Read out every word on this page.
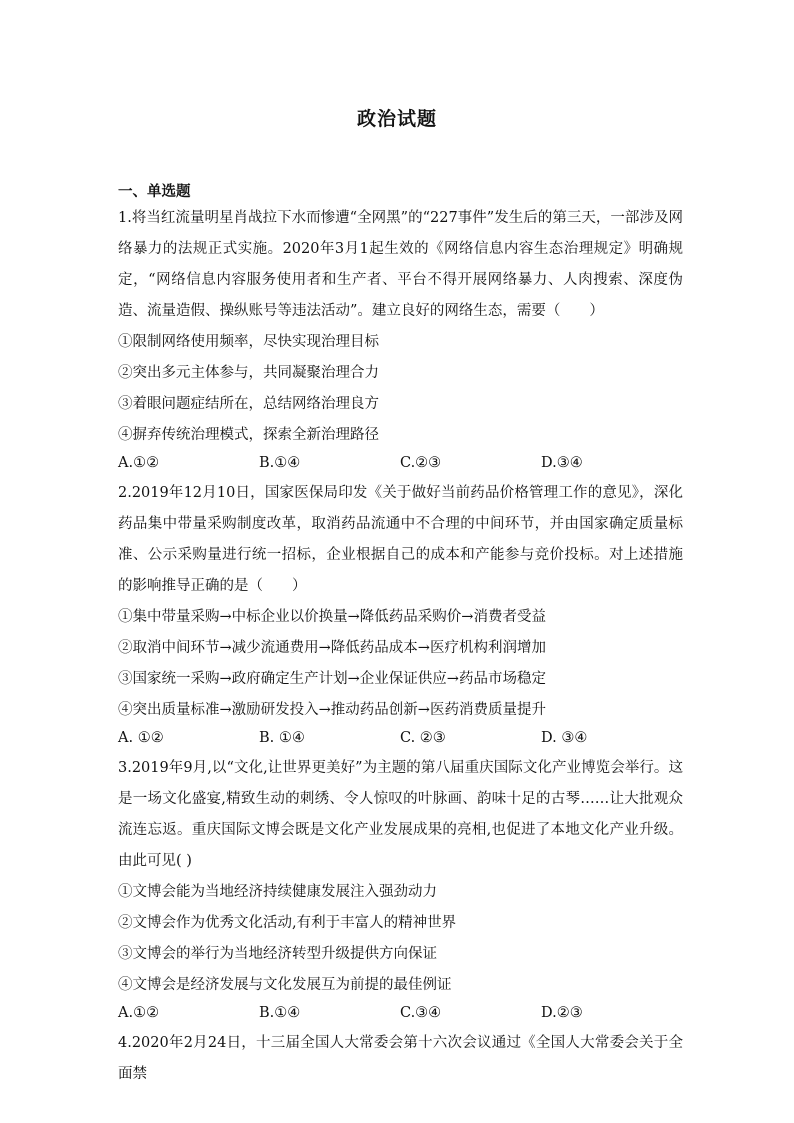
政治试题
一、单选题
1.将当红流量明星肖战拉下水而惨遭“全网黑”的“227事件”发生后的第三天，一部涉及网络暴力的法规正式实施。2020年3月1起生效的《网络信息内容生态治理规定》明确规定，“网络信息内容服务使用者和生产者、平台不得开展网络暴力、人肉搜索、深度伪造、流量造假、操纵账号等违法活动”。建立良好的网络生态，需要（　　）
①限制网络使用频率，尽快实现治理目标
②突出多元主体参与，共同凝聚治理合力
③着眼问题症结所在，总结网络治理良方
④摒弃传统治理模式，探索全新治理路径
A.①②	B.①④	C.②③	D.③④
2.2019年12月10日，国家医保局印发《关于做好当前药品价格管理工作的意见》，深化药品集中带量采购制度改革，取消药品流通中不合理的中间环节，并由国家确定质量标准、公示采购量进行统一招标，企业根据自己的成本和产能参与竞价投标。对上述措施的影响推导正确的是（　　）
①集中带量采购→中标企业以价换量→降低药品采购价→消费者受益
②取消中间环节→减少流通费用→降低药品成本→医疗机构利润增加
③国家统一采购→政府确定生产计划→企业保证供应→药品市场稳定
④突出质量标准→激励研发投入→推动药品创新→医药消费质量提升
A. ①②	B. ①④	C. ②③	D. ③④
3.2019年9月,以“文化,让世界更美好”为主题的第八届重庆国际文化产业博览会举行。这是一场文化盛宴,精致生动的刺绣、令人惊叹的叶脉画、韵味十足的古琴……让大批观众流连忘返。重庆国际文博会既是文化产业发展成果的亮相,也促进了本地文化产业升级。由此可见( )
①文博会能为当地经济持续健康发展注入强劲动力
②文博会作为优秀文化活动,有利于丰富人的精神世界
③文博会的举行为当地经济转型升级提供方向保证
④文博会是经济发展与文化发展互为前提的最佳例证
A.①②	B.①④	C.③④	D.②③
4.2020年2月24日，十三届全国人大常委会第十六次会议通过《全国人大常委会关于全面禁
